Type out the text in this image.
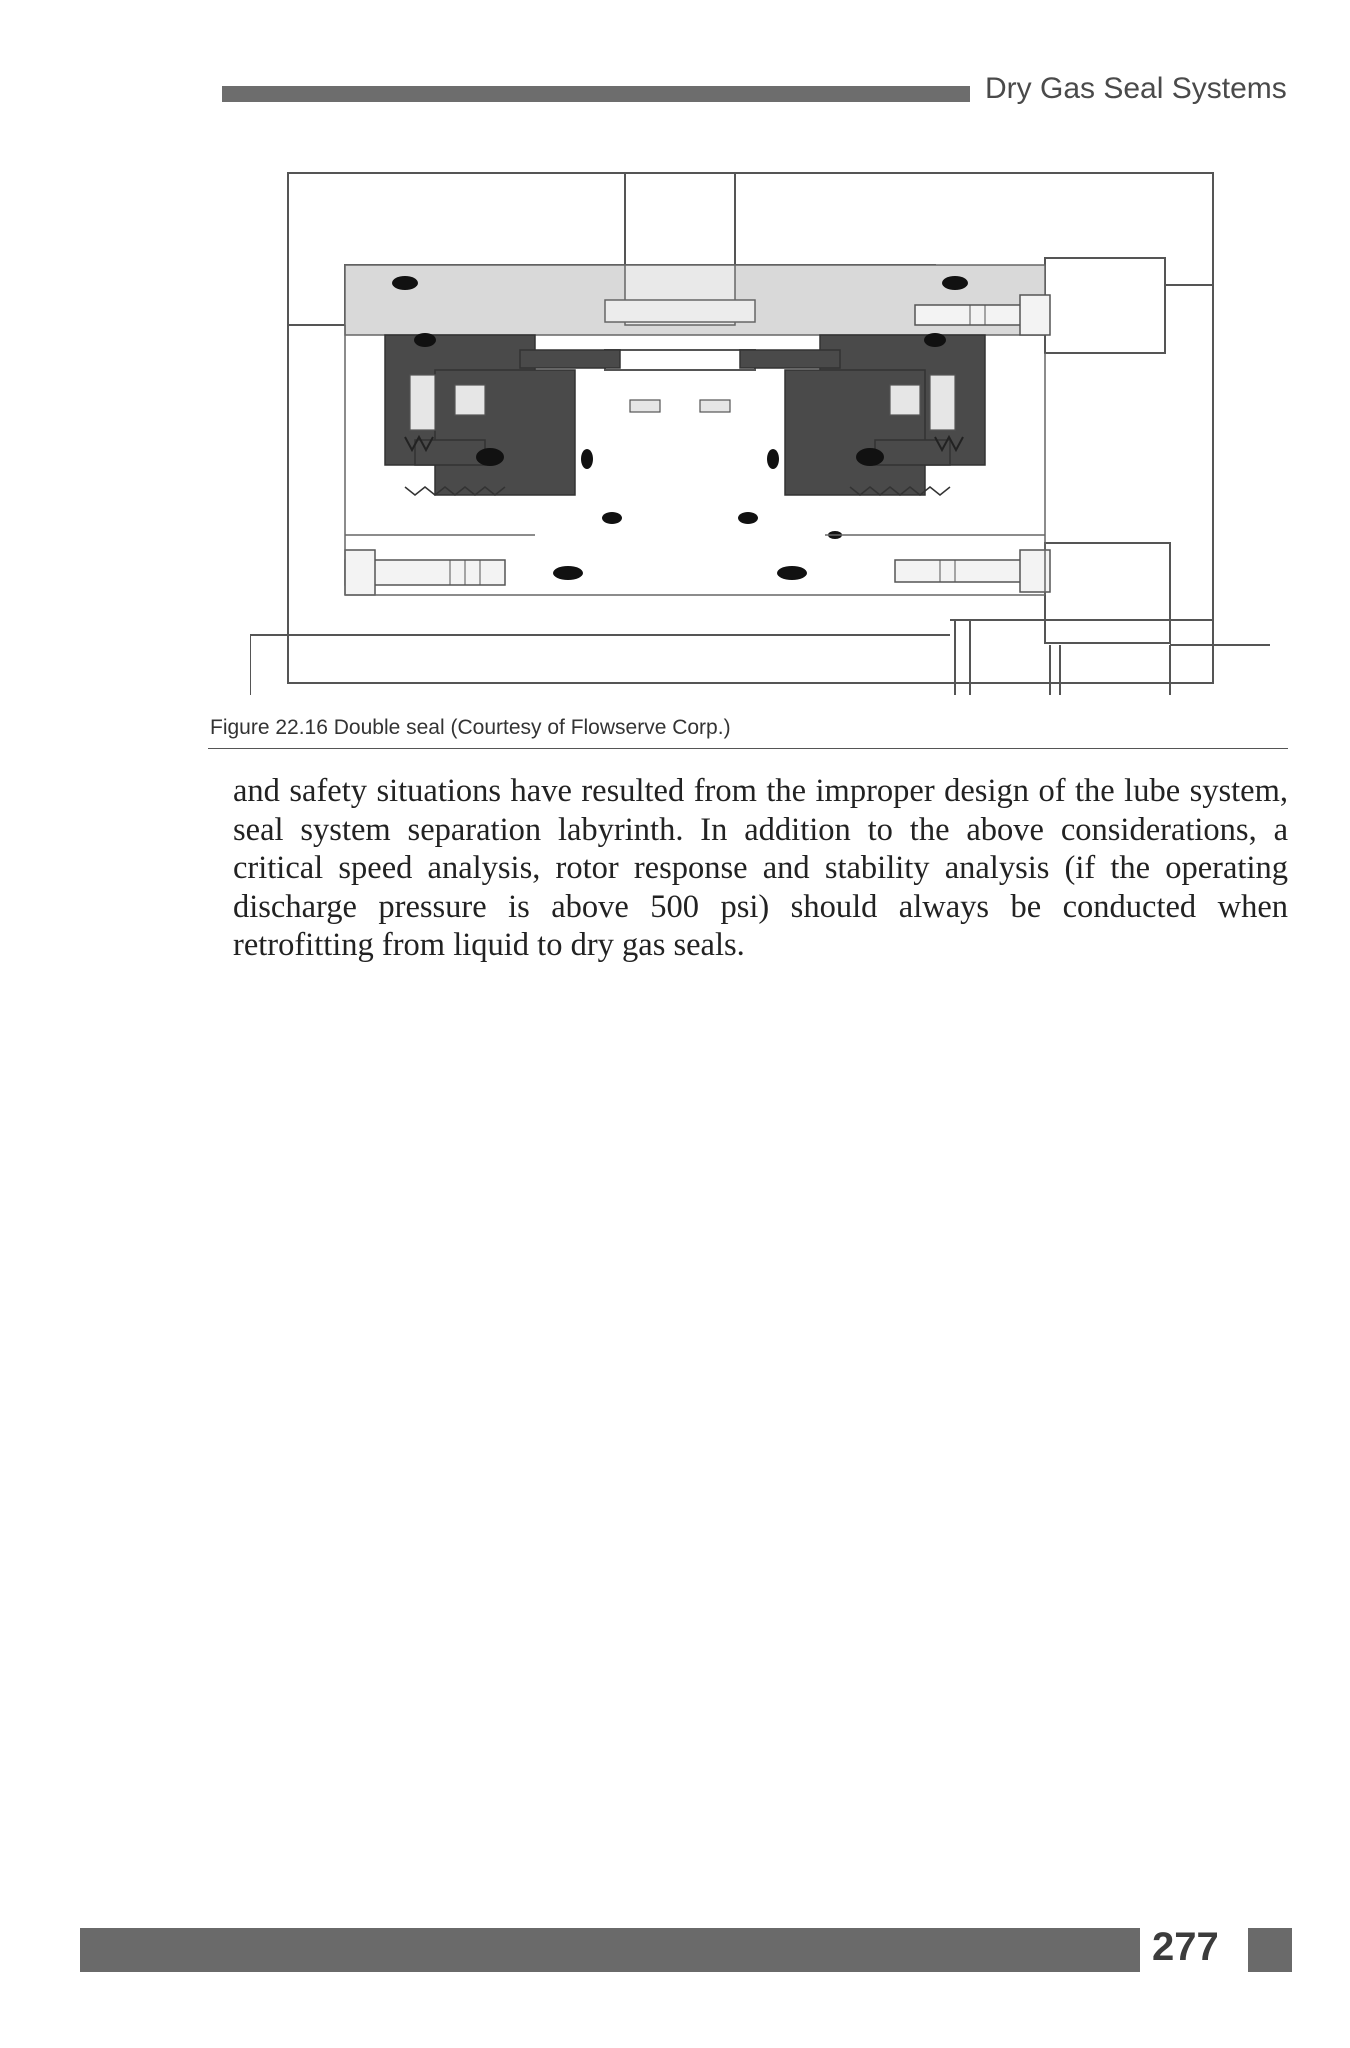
Dry Gas Seal Systems
Figure 22.16 Double seal (Courtesy of Flowserve Corp.)
and safety situations have resulted from the improper design of the lube system, seal system separation labyrinth. In addition to the above considerations, a critical speed analysis, rotor response and stability analysis (if the operating discharge pressure is above 500 psi) should always be conducted when retrofitting from liquid to dry gas seals.
277
